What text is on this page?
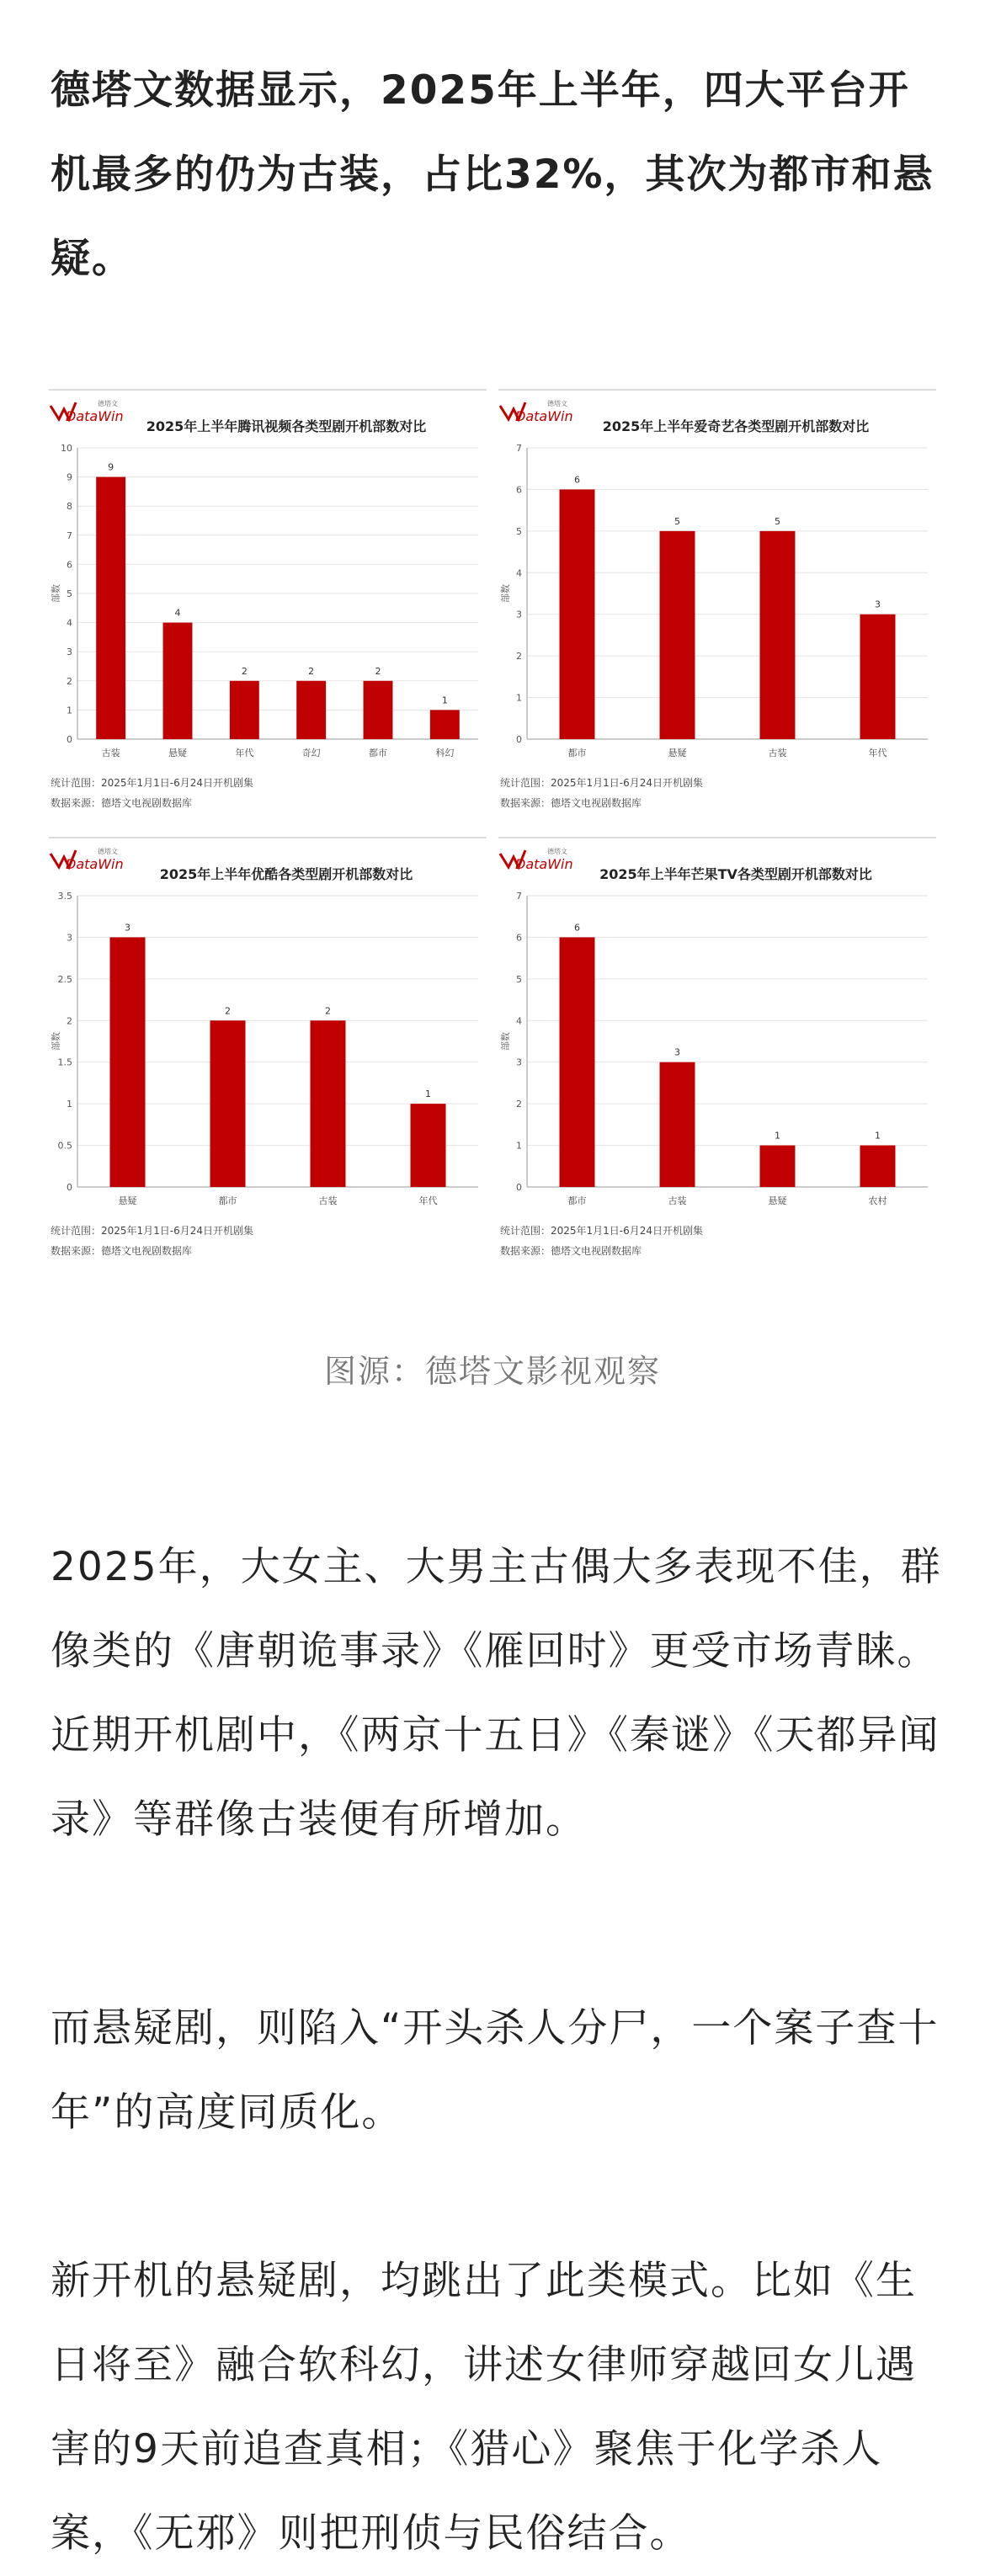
德塔文数据显示，2025年上半年，四大平台开机最多的仍为古装，占比32%，其次为都市和悬疑。

德塔文
DataWin
2025年上半年腾讯视频各类型剧开机部数对比
0
1
2
3
4
5
6
7
8
9
10
部数
9
古装
4
悬疑
2
年代
2
奇幻
2
都市
1
科幻
统计范围：2025年1月1日-6月24日开机剧集
数据来源：德塔文电视剧数据库
德塔文
DataWin
2025年上半年爱奇艺各类型剧开机部数对比
0
1
2
3
4
5
6
7
部数
6
都市
5
悬疑
5
古装
3
年代
统计范围：2025年1月1日-6月24日开机剧集
数据来源：德塔文电视剧数据库
德塔文
DataWin
2025年上半年优酷各类型剧开机部数对比
0
0.5
1
1.5
2
2.5
3
3.5
部数
3
悬疑
2
都市
2
古装
1
年代
统计范围：2025年1月1日-6月24日开机剧集
数据来源：德塔文电视剧数据库
德塔文
DataWin
2025年上半年芒果TV各类型剧开机部数对比
0
1
2
3
4
5
6
7
部数
6
都市
3
古装
1
悬疑
1
农村
统计范围：2025年1月1日-6月24日开机剧集
数据来源：德塔文电视剧数据库
图源：德塔文影视观察

2025年，大女主、大男主古偶大多表现不佳，群像类的《唐朝诡事录》《雁回时》更受市场青睐。近期开机剧中，《两京十五日》《秦谜》《天都异闻录》等群像古装便有所增加。

而悬疑剧，则陷入“开头杀人分尸，一个案子查十年”的高度同质化。

新开机的悬疑剧，均跳出了此类模式。比如《生日将至》融合软科幻，讲述女律师穿越回女儿遇害的9天前追查真相；《猎心》聚焦于化学杀人案，《无邪》则把刑侦与民俗结合。
